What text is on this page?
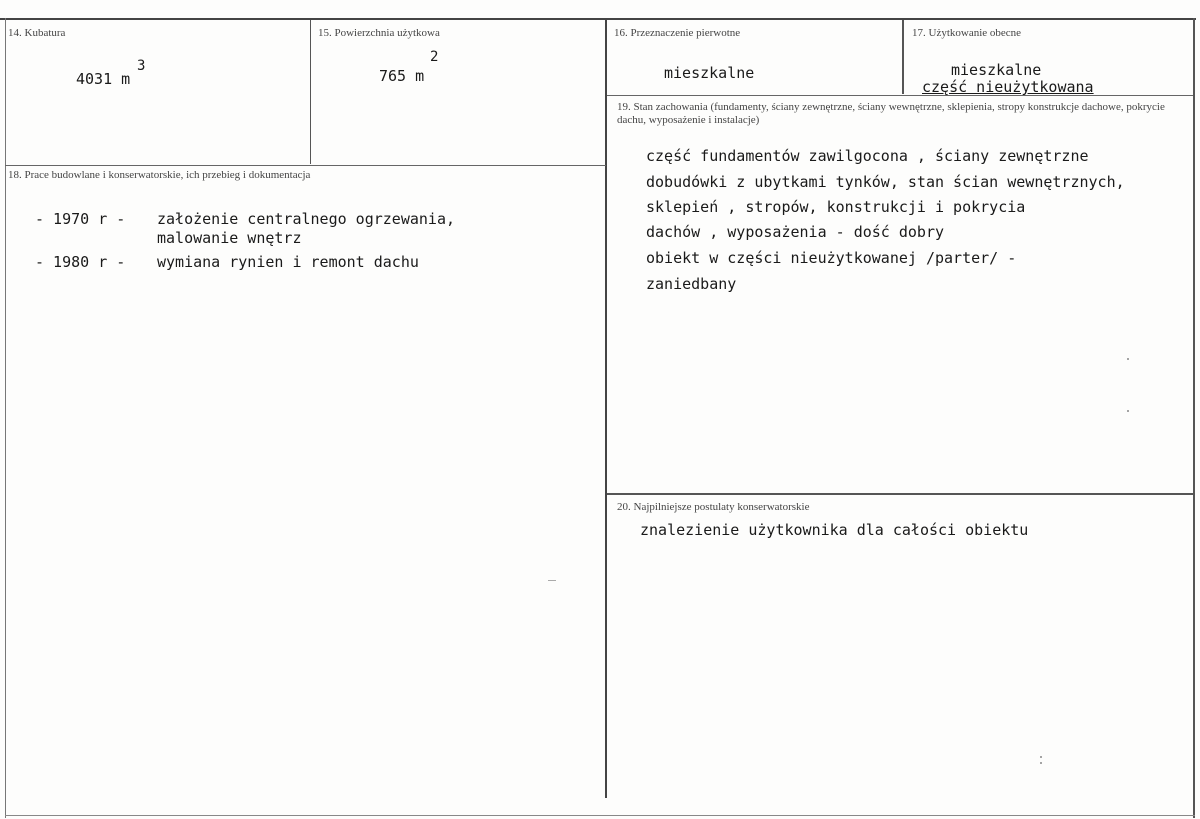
14. Kubatura
4031 m
3
15. Powierzchnia użytkowa
2
765 m
16. Przeznaczenie pierwotne
mieszkalne
17. Użytkowanie obecne
mieszkalne
część nieużytkowana
18. Prace budowlane i konserwatorskie, ich przebieg i dokumentacja
- 1970 r - założenie centralnego ogrzewania,
malowanie wnętrz
- 1980 r - wymiana rynien i remont dachu
19. Stan zachowania (fundamenty, ściany zewnętrzne, ściany wewnętrzne, sklepienia, stropy konstrukcje dachowe, pokrycie dachu, wyposażenie i instalacje)
część fundamentów zawilgocona , ściany zewnętrzne
dobudówki z ubytkami tynków, stan ścian wewnętrznych,
sklepień , stropów, konstrukcji i pokrycia
dachów , wyposażenia - dość dobry
obiekt w części nieużytkowanej /parter/ -
zaniedbany
20. Najpilniejsze postulaty konserwatorskie
znalezienie użytkownika dla całości obiektu
